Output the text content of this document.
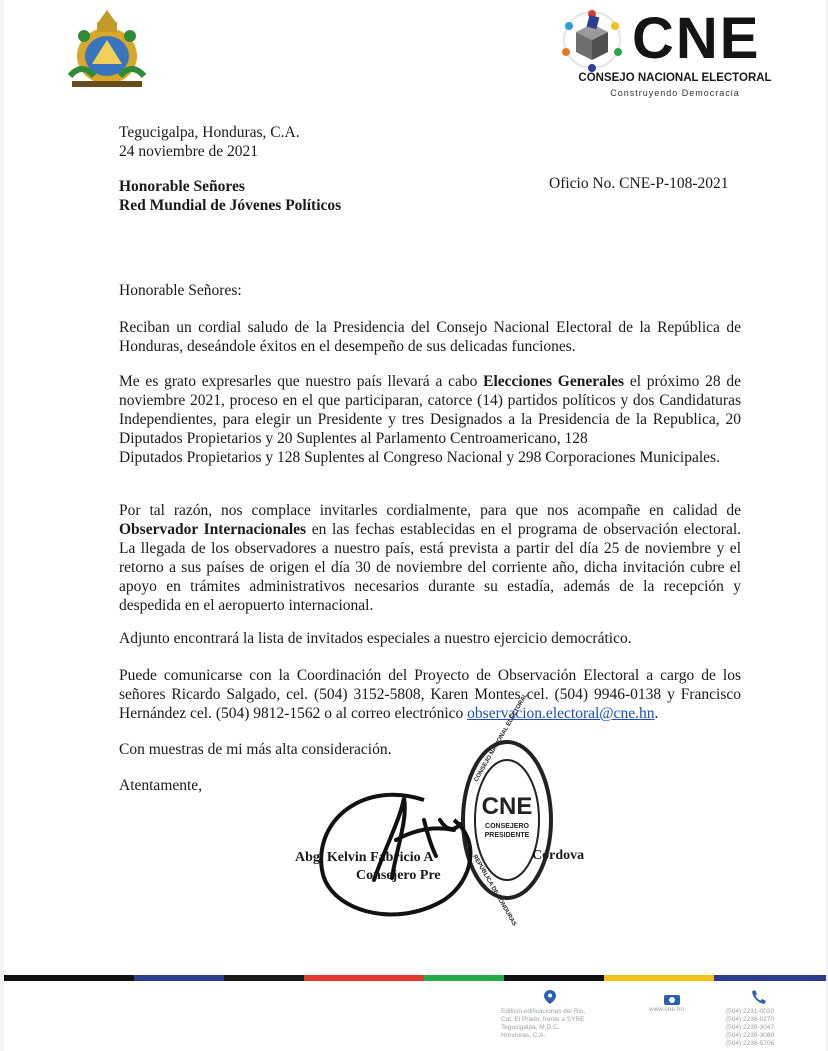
CNE
CONSEJO NACIONAL ELECTORAL
Construyendo Democracia
Tegucigalpa, Honduras, C.A.
24 noviembre de 2021
Honorable Señores
Red Mundial de Jóvenes Políticos
Oficio No. CNE-P-108-2021
Honorable Señores:

Reciban un cordial saludo de la Presidencia del Consejo Nacional Electoral de la República de Honduras, deseándole éxitos en el desempeño de sus delicadas funciones.

Me es grato expresarles que nuestro país llevará a cabo Elecciones Generales el próximo 28 de noviembre 2021, proceso en el que participaran, catorce (14) partidos políticos y dos Candidaturas Independientes, para elegir un Presidente y tres Designados a la Presidencia de la Republica, 20 Diputados Propietarios y 20 Suplentes al Parlamento Centroamericano, 128

Diputados Propietarios y 128 Suplentes al Congreso Nacional y 298 Corporaciones Municipales.

Por tal razón, nos complace invitarles cordialmente, para que nos acompañe en calidad de Observador Internacionales en las fechas establecidas en el programa de observación electoral. La llegada de los observadores a nuestro país, está prevista a partir del día 25 de noviembre y el retorno a sus países de origen el día 30 de noviembre del corriente año, dicha invitación cubre el apoyo en trámites administrativos necesarios durante su estadía, además de la recepción y despedida en el aeropuerto internacional.

Adjunto encontrará la lista de invitados especiales a nuestro ejercicio democrático.

Puede comunicarse con la Coordinación del Proyecto de Observación Electoral a cargo de los señores Ricardo Salgado, cel. (504) 3152-5808, Karen Montes cel. (504) 9946-0138 y Francisco Hernández cel. (504) 9812-1562 o al correo electrónico observacion.electoral@cne.hn.

Con muestras de mi más alta consideración.
Atentamente,
CNE
CONSEJERO
PRESIDENTE
CONSEJO NACIONAL ELECTORAL
REPÚBLICA DE HONDURAS
Abg. Kelvin Fabricio A	Córdova
Consejero Pre
Edificio edificaciones del Rio,
Col. El Prado, frente a SYRE
Tegucigalpa, M.D.C.
Honduras, C.A.
www.cne.hn	(504) 2231-0020
(504) 2236-0270
(504) 2239-3047
(504) 2239-3080
(504) 2236-5706
